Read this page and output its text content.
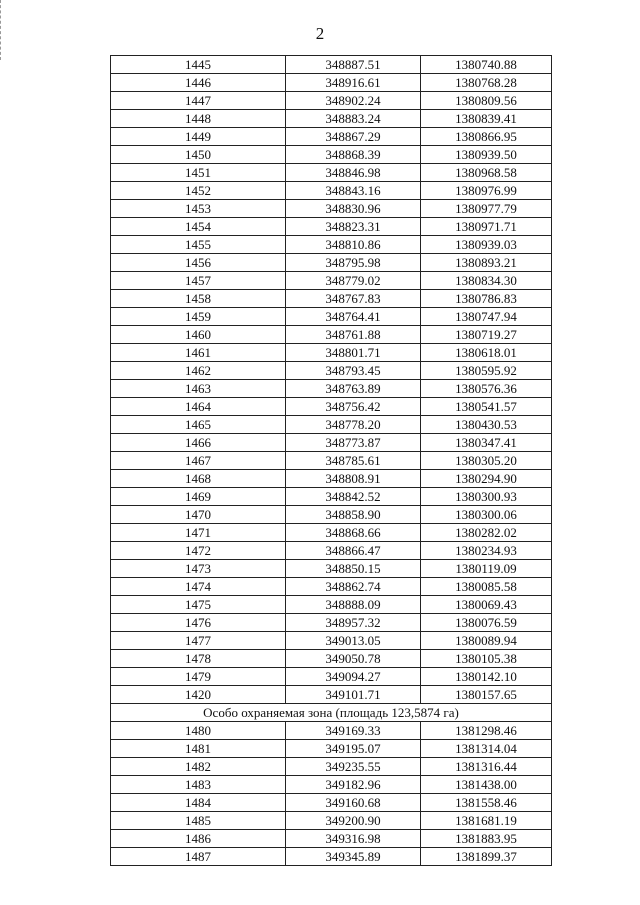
2
1445	348887.51	1380740.88
1446	348916.61	1380768.28
1447	348902.24	1380809.56
1448	348883.24	1380839.41
1449	348867.29	1380866.95
1450	348868.39	1380939.50
1451	348846.98	1380968.58
1452	348843.16	1380976.99
1453	348830.96	1380977.79
1454	348823.31	1380971.71
1455	348810.86	1380939.03
1456	348795.98	1380893.21
1457	348779.02	1380834.30
1458	348767.83	1380786.83
1459	348764.41	1380747.94
1460	348761.88	1380719.27
1461	348801.71	1380618.01
1462	348793.45	1380595.92
1463	348763.89	1380576.36
1464	348756.42	1380541.57
1465	348778.20	1380430.53
1466	348773.87	1380347.41
1467	348785.61	1380305.20
1468	348808.91	1380294.90
1469	348842.52	1380300.93
1470	348858.90	1380300.06
1471	348868.66	1380282.02
1472	348866.47	1380234.93
1473	348850.15	1380119.09
1474	348862.74	1380085.58
1475	348888.09	1380069.43
1476	348957.32	1380076.59
1477	349013.05	1380089.94
1478	349050.78	1380105.38
1479	349094.27	1380142.10
1420	349101.71	1380157.65
Особо охраняемая зона (площадь 123,5874 га)		
1480	349169.33	1381298.46
1481	349195.07	1381314.04
1482	349235.55	1381316.44
1483	349182.96	1381438.00
1484	349160.68	1381558.46
1485	349200.90	1381681.19
1486	349316.98	1381883.95
1487	349345.89	1381899.37
